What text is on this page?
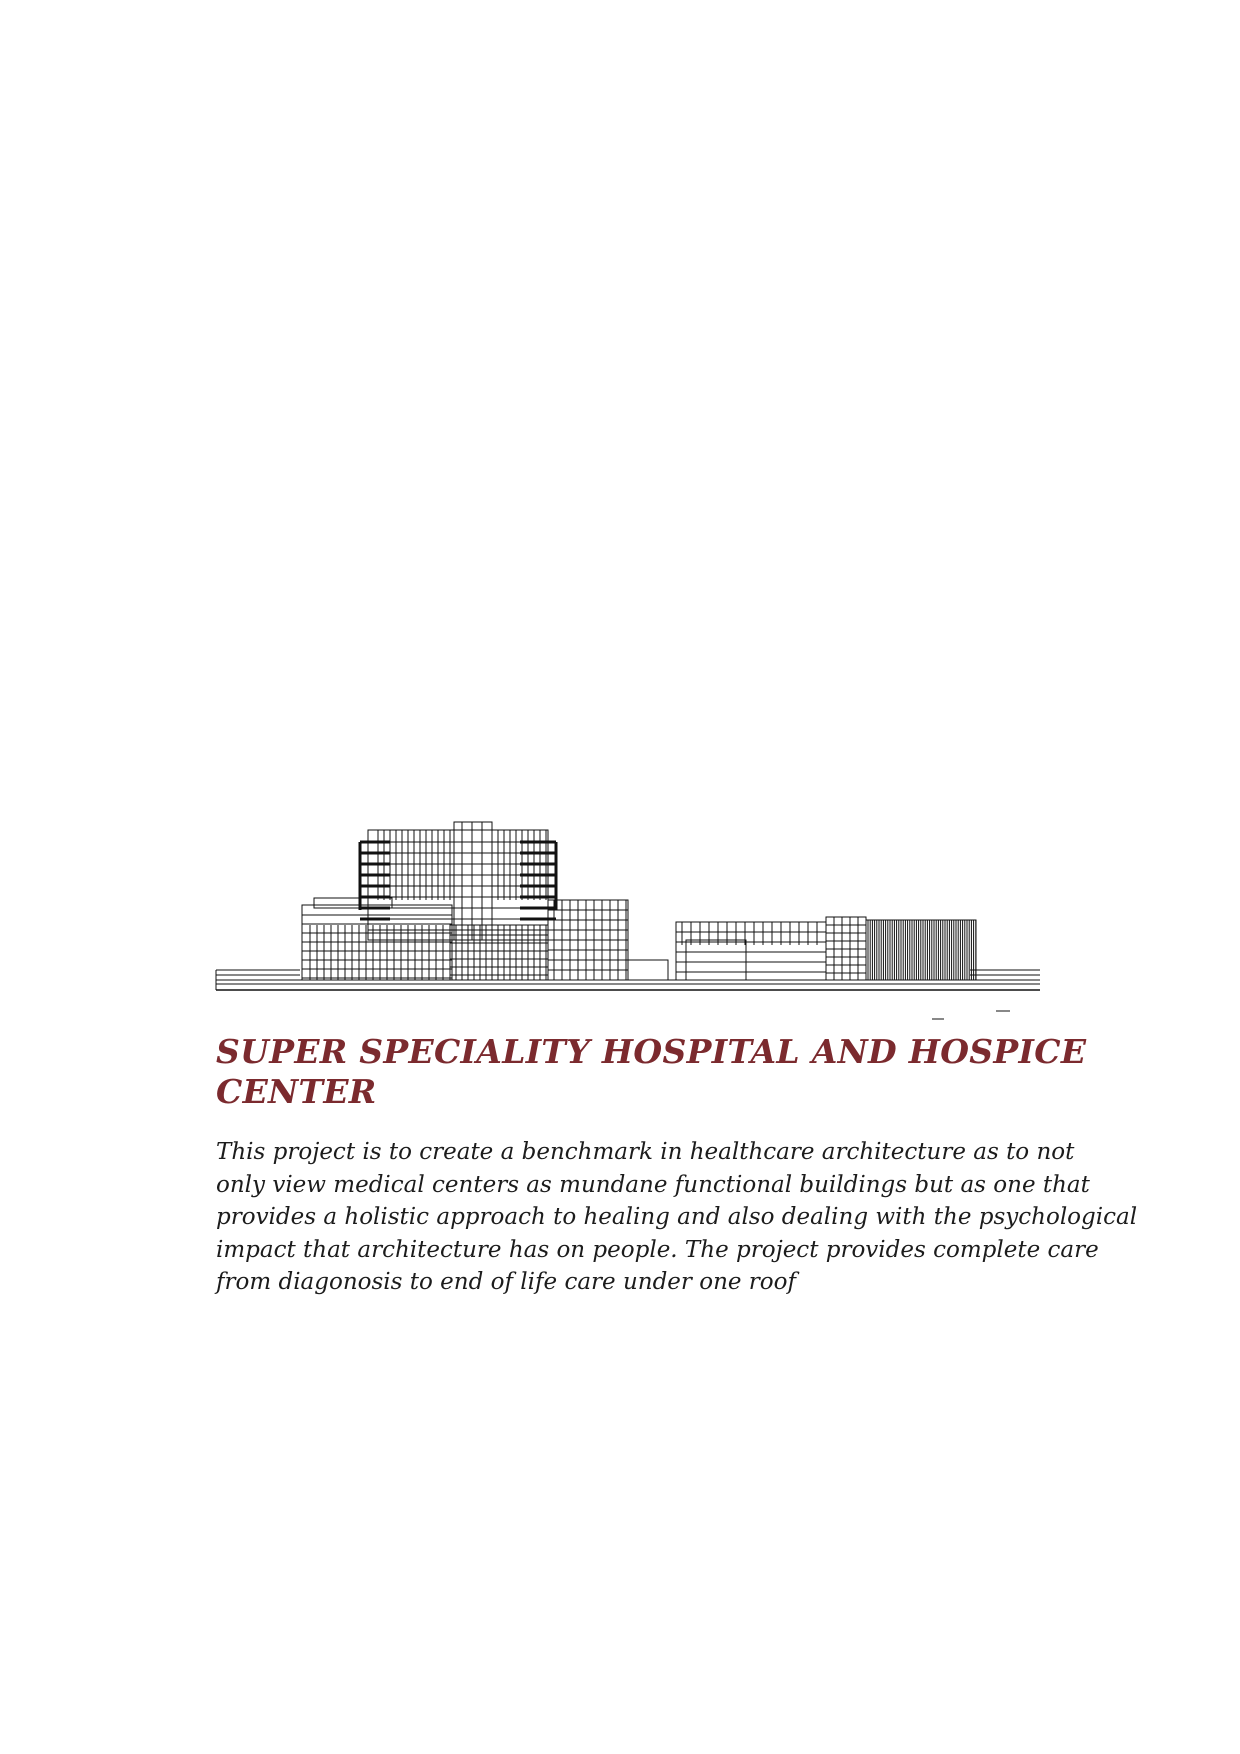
SUPER SPECIALITY HOSPITAL AND HOSPICE
CENTER

This project is to create a benchmark in healthcare architecture as to not
only view medical centers as mundane functional buildings but as one that
provides a holistic approach to healing and also dealing with the psychological
impact that architecture has on people. The project provides complete care
from diagonosis to end of life care under one roof
